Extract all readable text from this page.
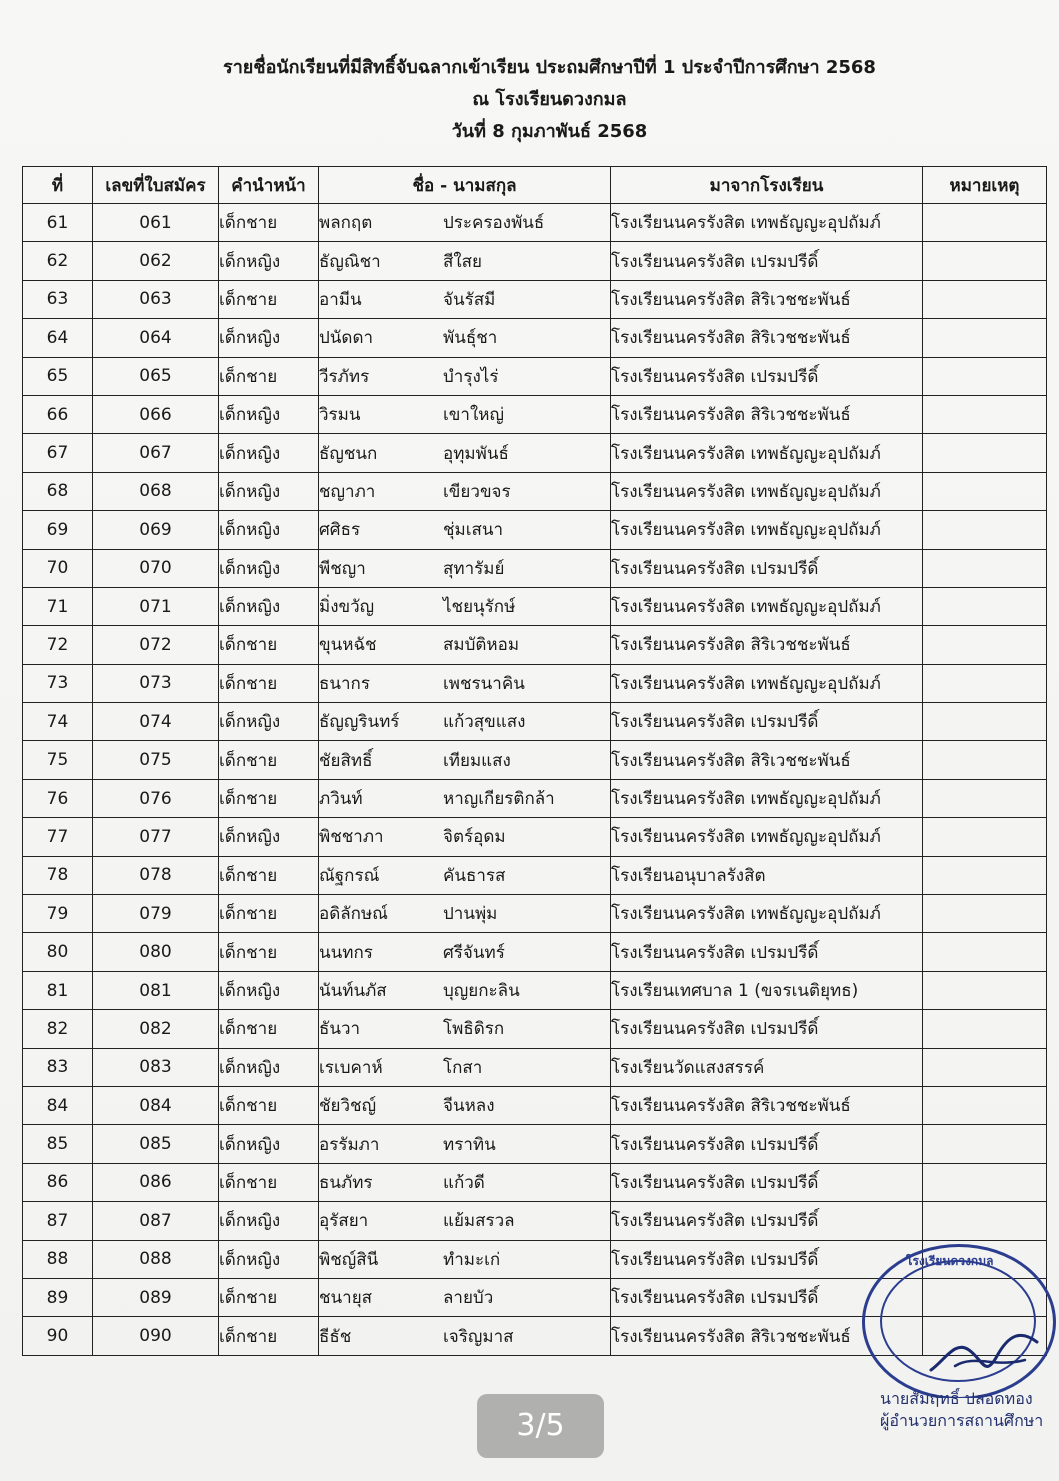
รายชื่อนักเรียนที่มีสิทธิ์จับฉลากเข้าเรียน ประถมศึกษาปีที่ 1 ประจำปีการศึกษา 2568
ณ โรงเรียนดวงกมล
วันที่ 8 กุมภาพันธ์ 2568
ที่	เลขที่ใบสมัคร	คำนำหน้า	ชื่อ - นามสกุล	มาจากโรงเรียน	หมายเหตุ
61	061	เด็กชาย	พลกฤต ประครองพันธ์	โรงเรียนนครรังสิต เทพธัญญะอุปถัมภ์	
62	062	เด็กหญิง	ธัญณิชา สีใสย	โรงเรียนนครรังสิต เปรมปรีดิ์	
63	063	เด็กชาย	อามีน จันรัสมี	โรงเรียนนครรังสิต สิริเวชชะพันธ์	
64	064	เด็กหญิง	ปนัดดา พันธุ์ชา	โรงเรียนนครรังสิต สิริเวชชะพันธ์	
65	065	เด็กชาย	วีรภัทร บำรุงไร่	โรงเรียนนครรังสิต เปรมปรีดิ์	
66	066	เด็กหญิง	วิรมน เขาใหญ่	โรงเรียนนครรังสิต สิริเวชชะพันธ์	
67	067	เด็กหญิง	ธัญชนก อุทุมพันธ์	โรงเรียนนครรังสิต เทพธัญญะอุปถัมภ์	
68	068	เด็กหญิง	ชญาภา เขียวขจร	โรงเรียนนครรังสิต เทพธัญญะอุปถัมภ์	
69	069	เด็กหญิง	ศศิธร ชุ่มเสนา	โรงเรียนนครรังสิต เทพธัญญะอุปถัมภ์	
70	070	เด็กหญิง	พีชญา สุทารัมย์	โรงเรียนนครรังสิต เปรมปรีดิ์	
71	071	เด็กหญิง	มิ่งขวัญ ไชยนุรักษ์	โรงเรียนนครรังสิต เทพธัญญะอุปถัมภ์	
72	072	เด็กชาย	ขุนหฉัช สมบัติหอม	โรงเรียนนครรังสิต สิริเวชชะพันธ์	
73	073	เด็กชาย	ธนากร เพชรนาคิน	โรงเรียนนครรังสิต เทพธัญญะอุปถัมภ์	
74	074	เด็กหญิง	ธัญญรินทร์ แก้วสุขแสง	โรงเรียนนครรังสิต เปรมปรีดิ์	
75	075	เด็กชาย	ชัยสิทธิ์ เทียมแสง	โรงเรียนนครรังสิต สิริเวชชะพันธ์	
76	076	เด็กชาย	ภวินท์ หาญเกียรติกล้า	โรงเรียนนครรังสิต เทพธัญญะอุปถัมภ์	
77	077	เด็กหญิง	พิชชาภา จิตร์อุดม	โรงเรียนนครรังสิต เทพธัญญะอุปถัมภ์	
78	078	เด็กชาย	ณัฐกรณ์ คันธารส	โรงเรียนอนุบาลรังสิต	
79	079	เด็กชาย	อดิลักษณ์ ปานพุ่ม	โรงเรียนนครรังสิต เทพธัญญะอุปถัมภ์	
80	080	เด็กชาย	นนทกร ศรีจันทร์	โรงเรียนนครรังสิต เปรมปรีดิ์	
81	081	เด็กหญิง	นันท์นภัส บุญยกะลิน	โรงเรียนเทศบาล 1 (ขจรเนติยุทธ)	
82	082	เด็กชาย	ธันวา โพธิดิรก	โรงเรียนนครรังสิต เปรมปรีดิ์	
83	083	เด็กหญิง	เรเบคาห์ โกสา	โรงเรียนวัดแสงสรรค์	
84	084	เด็กชาย	ชัยวิชญ์ จีนหลง	โรงเรียนนครรังสิต สิริเวชชะพันธ์	
85	085	เด็กหญิง	อรรัมภา ทราทิน	โรงเรียนนครรังสิต เปรมปรีดิ์	
86	086	เด็กชาย	ธนภัทร แก้วดี	โรงเรียนนครรังสิต เปรมปรีดิ์	
87	087	เด็กหญิง	อุรัสยา แย้มสรวล	โรงเรียนนครรังสิต เปรมปรีดิ์	
88	088	เด็กหญิง	พิชญ์สินี ทำมะเก่	โรงเรียนนครรังสิต เปรมปรีดิ์	
89	089	เด็กชาย	ชนายุส ลายบัว	โรงเรียนนครรังสิต เปรมปรีดิ์	
90	090	เด็กชาย	ธีธัช เจริญมาส	โรงเรียนนครรังสิต สิริเวชชะพันธ์	
โรงเรียนดวงกมล
นายสัมฤทธิ์ ปลอดทอง
ผู้อำนวยการสถานศึกษา
3/5
